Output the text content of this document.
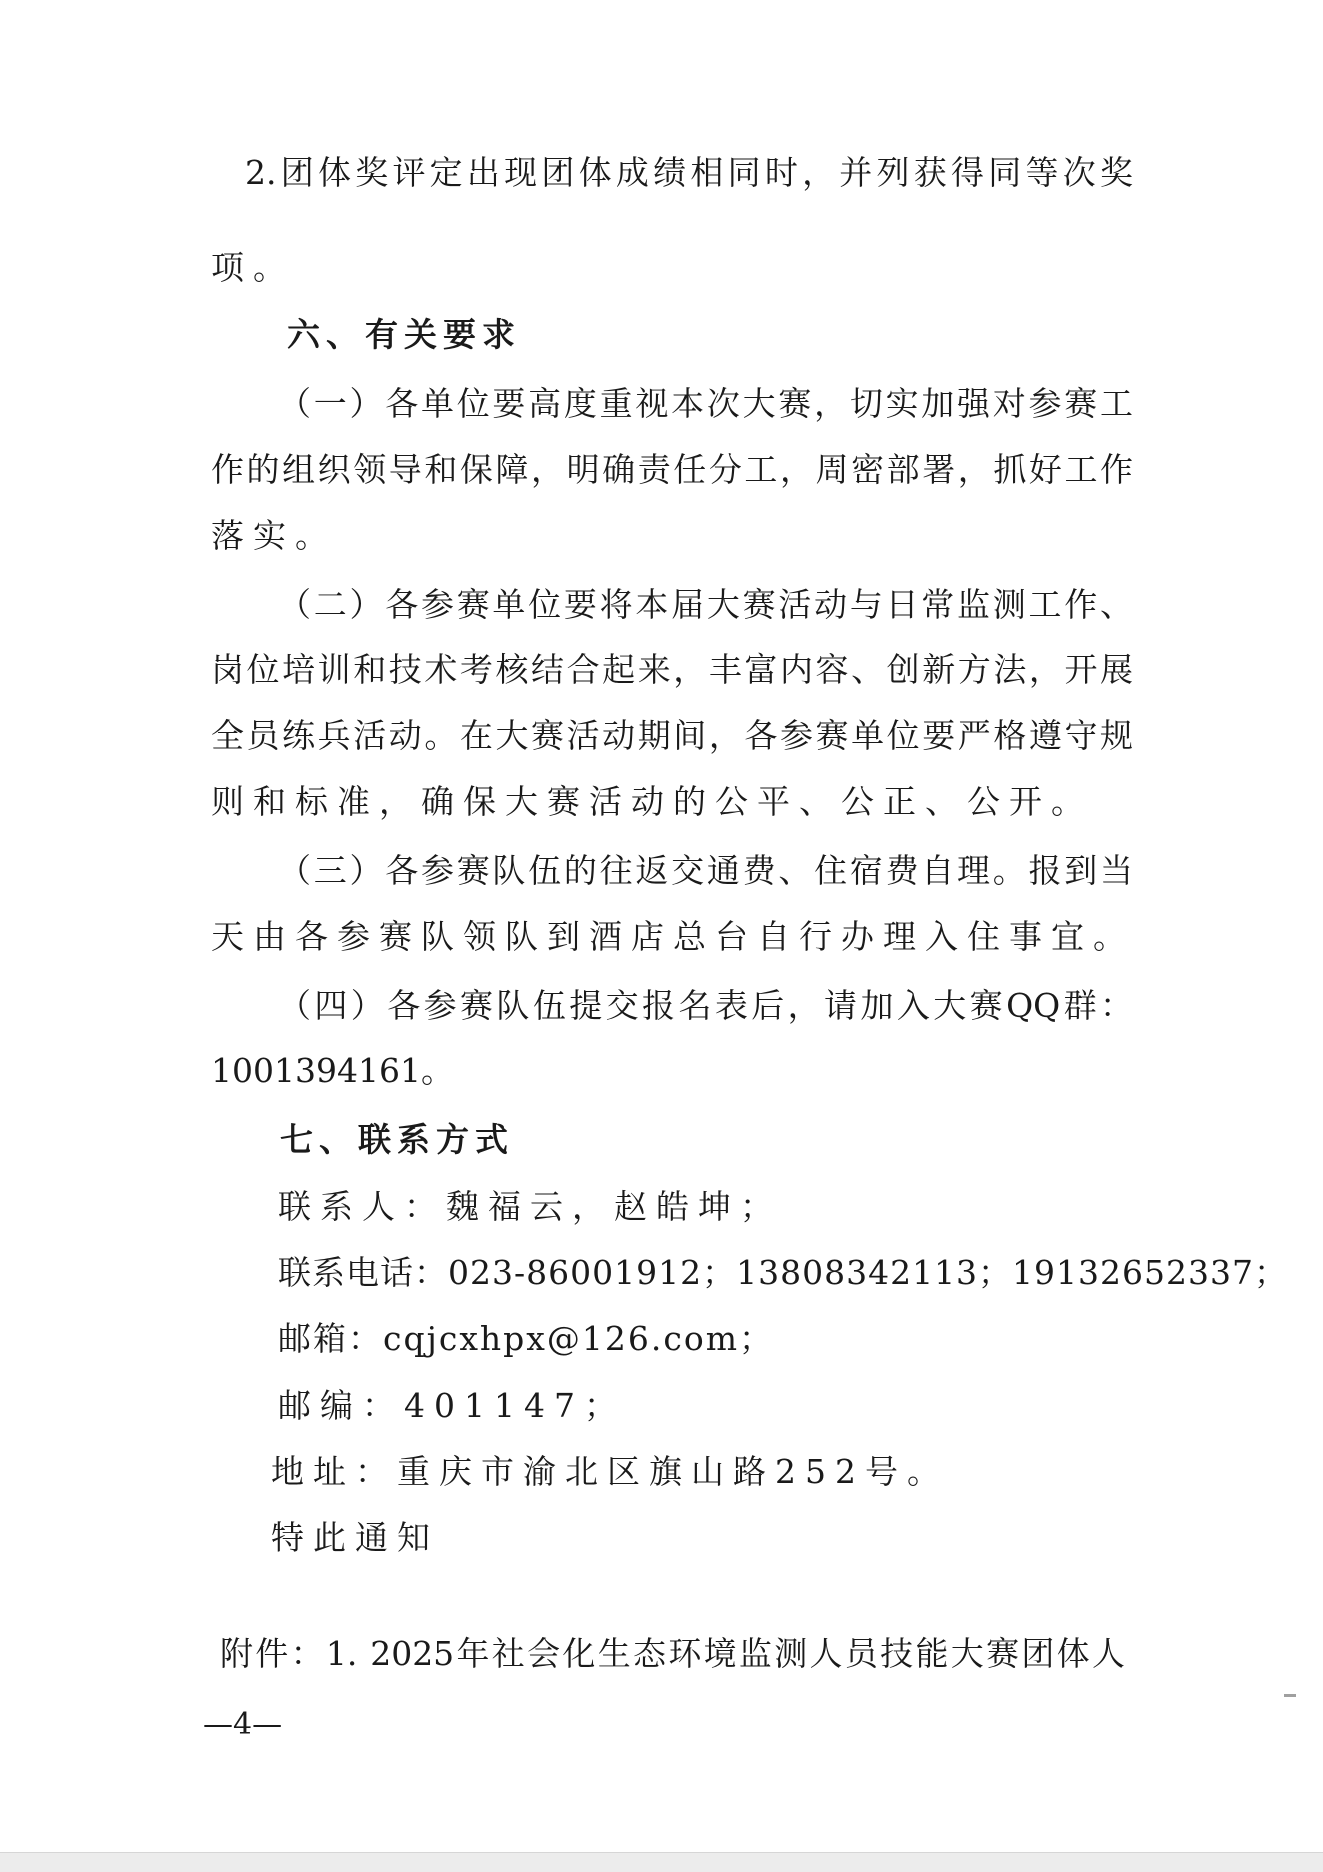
2.团体奖评定出现团体成绩相同时，并列获得同等次奖
项。
六、有关要求
（一）各单位要高度重视本次大赛，切实加强对参赛工
作的组织领导和保障，明确责任分工，周密部署，抓好工作
落实。
（二）各参赛单位要将本届大赛活动与日常监测工作、
岗位培训和技术考核结合起来，丰富内容、创新方法，开展
全员练兵活动。在大赛活动期间，各参赛单位要严格遵守规
则和标准，确保大赛活动的公平、公正、公开。
（三）各参赛队伍的往返交通费、住宿费自理。报到当
天由各参赛队领队到酒店总台自行办理入住事宜。
（四）各参赛队伍提交报名表后，请加入大赛QQ群：
1001394161。
七、联系方式
联系人：魏福云，赵皓坤；
联系电话：023-86001912；13808342113；19132652337；
邮箱：cqjcxhpx@126.com；
邮编：401147；
地址：重庆市渝北区旗山路252号。
特此通知
附件：1. 2025年社会化生态环境监测人员技能大赛团体人
—4—
